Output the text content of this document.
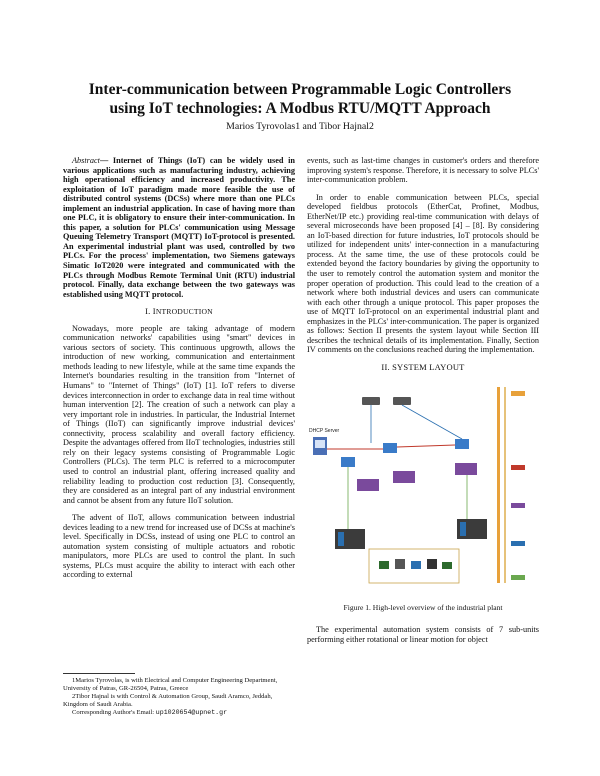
Inter-communication between Programmable Logic Controllers
using IoT technologies: A Modbus RTU/MQTT Approach
Marios Tyrovolas1 and Tibor Hajnal2

Abstract— Internet of Things (IoT) can be widely used in various applications such as manufacturing industry, achieving high operational efficiency and increased productivity. The exploitation of IoT paradigm made more feasible the use of distributed control systems (DCSs) where more than one PLCs implement an industrial application. In case of having more than one PLC, it is obligatory to ensure their inter-communication. In this paper, a solution for PLCs' communication using Message Queuing Telemetry Transport (MQTT) IoT-protocol is presented. An experimental industrial plant was used, controlled by two PLCs. For the process' implementation, two Siemens gateways Simatic IoT2020 were integrated and communicated with the PLCs through Modbus Remote Terminal Unit (RTU) industrial protocol. Finally, data exchange between the two gateways was established using MQTT protocol.

I. INTRODUCTION

Nowadays, more people are taking advantage of modern communication networks' capabilities using "smart" devices in various sectors of society. This continuous upgrowth, allows the introduction of new working, communication and entertainment methods leading to new lifestyle, while at the same time expands the Internet's boundaries resulting in the transition from "Internet of Humans" to "Internet of Things" (IoT) [1]. IoT refers to diverse devices interconnection in order to exchange data in real time without human intervention [2]. The creation of such a network can play a very important role in industries. In particular, the Industrial Internet of Things (IIoT) can significantly improve industrial devices' connectivity, process scalability and overall factory efficiency. Despite the advantages offered from IIoT technologies, industries still rely on their legacy systems consisting of Programmable Logic Controllers (PLCs). The term PLC is referred to a microcomputer used to control an industrial plant, offering increased quality and reliability leading to production cost reduction [3]. Consequently, they are considered as an integral part of any industrial environment and cannot be absent from any future IIoT solution.

The advent of IIoT, allows communication between industrial devices leading to a new trend for increased use of DCSs at machine's level. Specifically in DCSs, instead of using one PLC to control an automation system consisting of multiple actuators and robotic manipulators, more PLCs are used to control the plant. In such systems, PLCs must acquire the ability to interact with each other according to external

events, such as last-time changes in customer's orders and therefore improving system's response. Therefore, it is necessary to solve PLCs' inter-communication problem.

In order to enable communication between PLCs, special developed fieldbus protocols (EtherCat, Profinet, Modbus, EtherNet/IP etc.) providing real-time communication with delays of several microseconds have been proposed [4] – [8]. By considering an IoT-based direction for future industries, IoT protocols should be utilized for independent units' inter-connection in a manufacturing process. At the same time, the use of these protocols could be extended beyond the factory boundaries by giving the opportunity to the user to remotely control the automation system and monitor the proper operation of production. This could lead to the creation of a network where both industrial devices and users can communicate with each other through a unique protocol. This paper proposes the use of MQTT IoT-protocol on an experimental industrial plant and emphasizes in the PLCs' inter-communication. The paper is organized as follows: Section II presents the system layout while Section III describes the technical details of its implementation. Finally, Section IV comments on the conclusions reached during the implementation.

II. SYSTEM LAYOUT
DHCP Server
Figure 1. High-level overview of the industrial plant

The experimental automation system consists of 7 sub-units performing either rotational or linear motion for object

1Marios Tyrovolas, is with Electrical and Computer Engineering Department, University of Patras, GR-26504, Patras, Greece

2Tibor Hajnal is with Control & Automation Group, Saudi Aramco, Jeddah, Kingdom of Saudi Arabia.

Corresponding Author's Email: up1020654@upnet.gr
